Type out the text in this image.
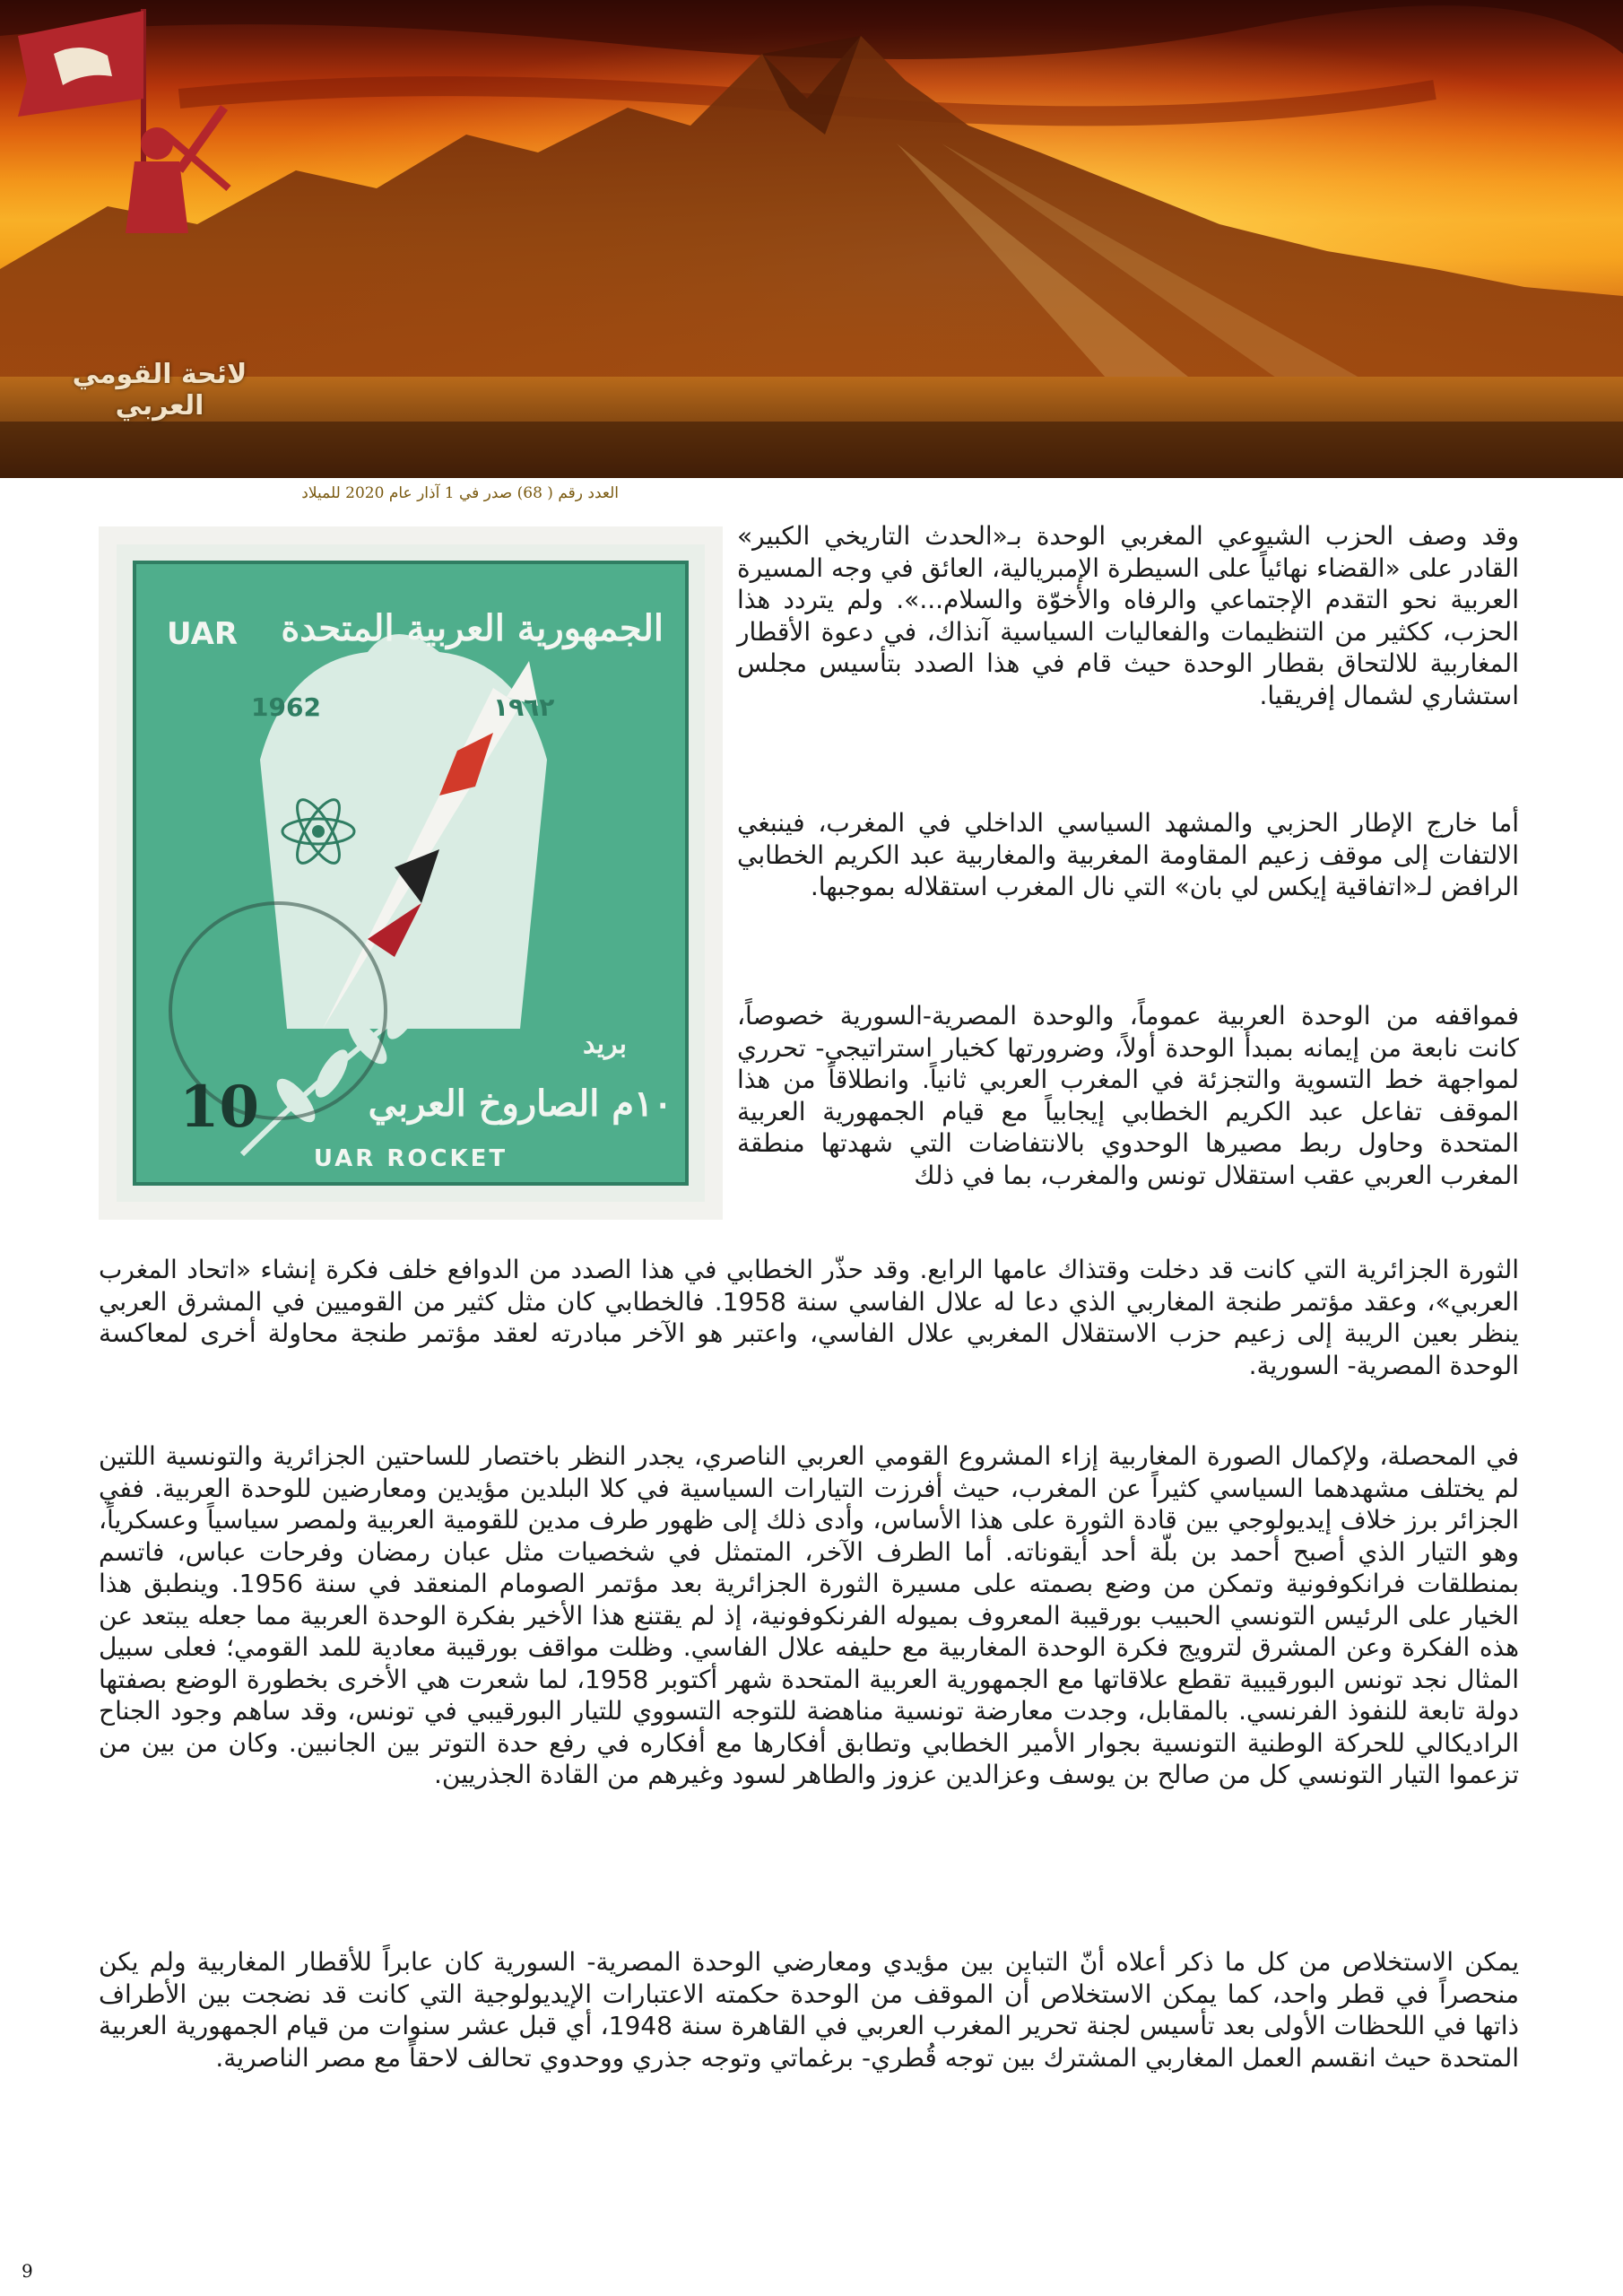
لائحة القومي العربي
العدد رقم ( 68) صدر في 1 آذار عام 2020 للميلاد
الجمهورية العربية المتحدة
UAR
1962	١٩٦٢
بريد
10	١٠م الصاروخ العربي
UAR ROCKET

وقد وصف الحزب الشيوعي المغربي الوحدة بـ«الحدث التاريخي الكبير» القادر على «القضاء نهائياً على السيطرة الإمبريالية، العائق في وجه المسيرة العربية نحو التقدم الإجتماعي والرفاه والأخوّة والسلام...». ولم يتردد هذا الحزب، ككثير من التنظيمات والفعاليات السياسية آنذاك، في دعوة الأقطار المغاربية للالتحاق بقطار الوحدة حيث قام في هذا الصدد بتأسيس مجلس استشاري لشمال إفريقيا.

أما خارج الإطار الحزبي والمشهد السياسي الداخلي في المغرب، فينبغي الالتفات إلى موقف زعيم المقاومة المغربية والمغاربية عبد الكريم الخطابي الرافض لـ«اتفاقية إيكس لي بان» التي نال المغرب استقلاله بموجبها.

فمواقفه من الوحدة العربية عموماً، والوحدة المصرية-السورية خصوصاً، كانت نابعة من إيمانه بمبدأ الوحدة أولاً، وضرورتها كخيار استراتيجي- تحرري لمواجهة خط التسوية والتجزئة في المغرب العربي ثانياً. وانطلاقاً من هذا الموقف تفاعل عبد الكريم الخطابي إيجابياً مع قيام الجمهورية العربية المتحدة وحاول ربط مصيرها الوحدوي بالانتفاضات التي شهدتها منطقة المغرب العربي عقب استقلال تونس والمغرب، بما في ذلك

الثورة الجزائرية التي كانت قد دخلت وقتذاك عامها الرابع. وقد حذّر الخطابي في هذا الصدد من الدوافع خلف فكرة إنشاء «اتحاد المغرب العربي»، وعقد مؤتمر طنجة المغاربي الذي دعا له علال الفاسي سنة 1958. فالخطابي كان مثل كثير من القوميين في المشرق العربي ينظر بعين الريبة إلى زعيم حزب الاستقلال المغربي علال الفاسي، واعتبر هو الآخر مبادرته لعقد مؤتمر طنجة محاولة أخرى لمعاكسة الوحدة المصرية- السورية.

في المحصلة، ولإكمال الصورة المغاربية إزاء المشروع القومي العربي الناصري، يجدر النظر باختصار للساحتين الجزائرية والتونسية اللتين لم يختلف مشهدهما السياسي كثيراً عن المغرب، حيث أفرزت التيارات السياسية في كلا البلدين مؤيدين ومعارضين للوحدة العربية. ففي الجزائر برز خلاف إيديولوجي بين قادة الثورة على هذا الأساس، وأدى ذلك إلى ظهور طرف مدين للقومية العربية ولمصر سياسياً وعسكرياً، وهو التيار الذي أصبح أحمد بن بلّة أحد أيقوناته. أما الطرف الآخر، المتمثل في شخصيات مثل عبان رمضان وفرحات عباس، فاتسم بمنطلقات فرانكوفونية وتمكن من وضع بصمته على مسيرة الثورة الجزائرية بعد مؤتمر الصومام المنعقد في سنة 1956. وينطبق هذا الخيار على الرئيس التونسي الحبيب بورقيبة المعروف بميوله الفرنكوفونية، إذ لم يقتنع هذا الأخير بفكرة الوحدة العربية مما جعله يبتعد عن هذه الفكرة وعن المشرق لترويج فكرة الوحدة المغاربية مع حليفه علال الفاسي. وظلت مواقف بورقيبة معادية للمد القومي؛ فعلى سبيل المثال نجد تونس البورقيبية تقطع علاقاتها مع الجمهورية العربية المتحدة شهر أكتوبر 1958، لما شعرت هي الأخرى بخطورة الوضع بصفتها دولة تابعة للنفوذ الفرنسي. بالمقابل، وجدت معارضة تونسية مناهضة للتوجه التسووي للتيار البورقيبي في تونس، وقد ساهم وجود الجناح الراديكالي للحركة الوطنية التونسية بجوار الأمير الخطابي وتطابق أفكارها مع أفكاره في رفع حدة التوتر بين الجانبين. وكان من بين من تزعموا التيار التونسي كل من صالح بن يوسف وعزالدين عزوز والطاهر لسود وغيرهم من القادة الجذريين.

يمكن الاستخلاص من كل ما ذكر أعلاه أنّ التباين بين مؤيدي ومعارضي الوحدة المصرية- السورية كان عابراً للأقطار المغاربية ولم يكن منحصراً في قطر واحد، كما يمكن الاستخلاص أن الموقف من الوحدة حكمته الاعتبارات الإيديولوجية التي كانت قد نضجت بين الأطراف ذاتها في اللحظات الأولى بعد تأسيس لجنة تحرير المغرب العربي في القاهرة سنة 1948، أي قبل عشر سنوات من قيام الجمهورية العربية المتحدة حيث انقسم العمل المغاربي المشترك بين توجه قُطري- برغماتي وتوجه جذري ووحدوي تحالف لاحقاً مع مصر الناصرية.

9
